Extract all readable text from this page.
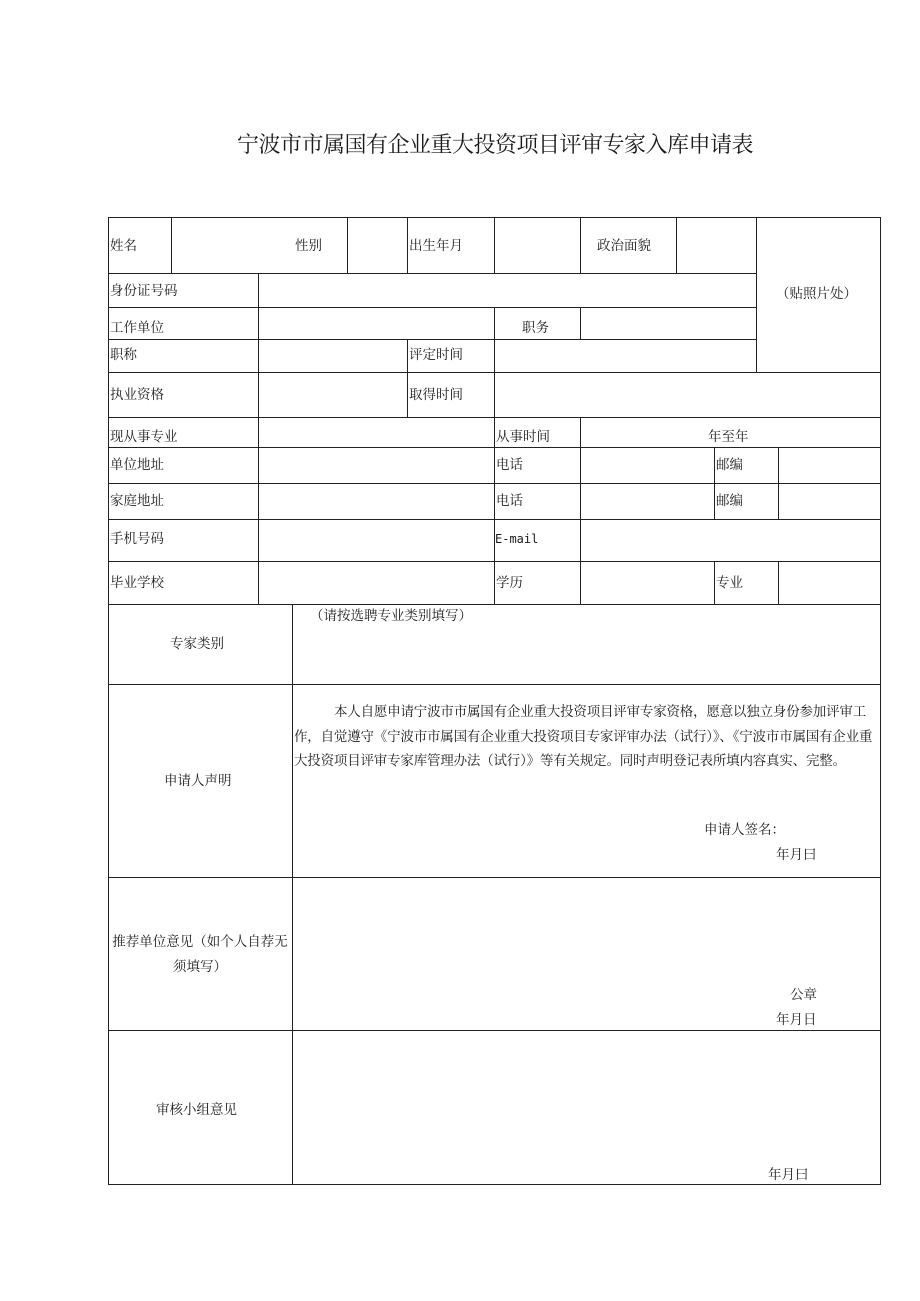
宁波市市属国有企业重大投资项目评审专家入库申请表
姓名	性别	出生年月	政治面貌
（贴照片处）
身份证号码
工作单位	职务
职称	评定时间
执业资格	取得时间
现从事专业	从事时间	年至年
单位地址	电话	邮编
家庭地址	电话	邮编
手机号码	E-mail
毕业学校	学历	专业
专家类别
（请按选聘专业类别填写）
申请人声明
本人自愿申请宁波市市属国有企业重大投资项目评审专家资格，愿意以独立身份参加评审工作，自觉遵守《宁波市市属国有企业重大投资项目专家评审办法（试行）》、《宁波市市属国有企业重大投资项目评审专家库管理办法（试行）》等有关规定。同时声明登记表所填内容真实、完整。
申请人签名：
年月曰
推荐单位意见（如个人自荐无须填写）
公章
年月日
审核小组意见
年月曰
